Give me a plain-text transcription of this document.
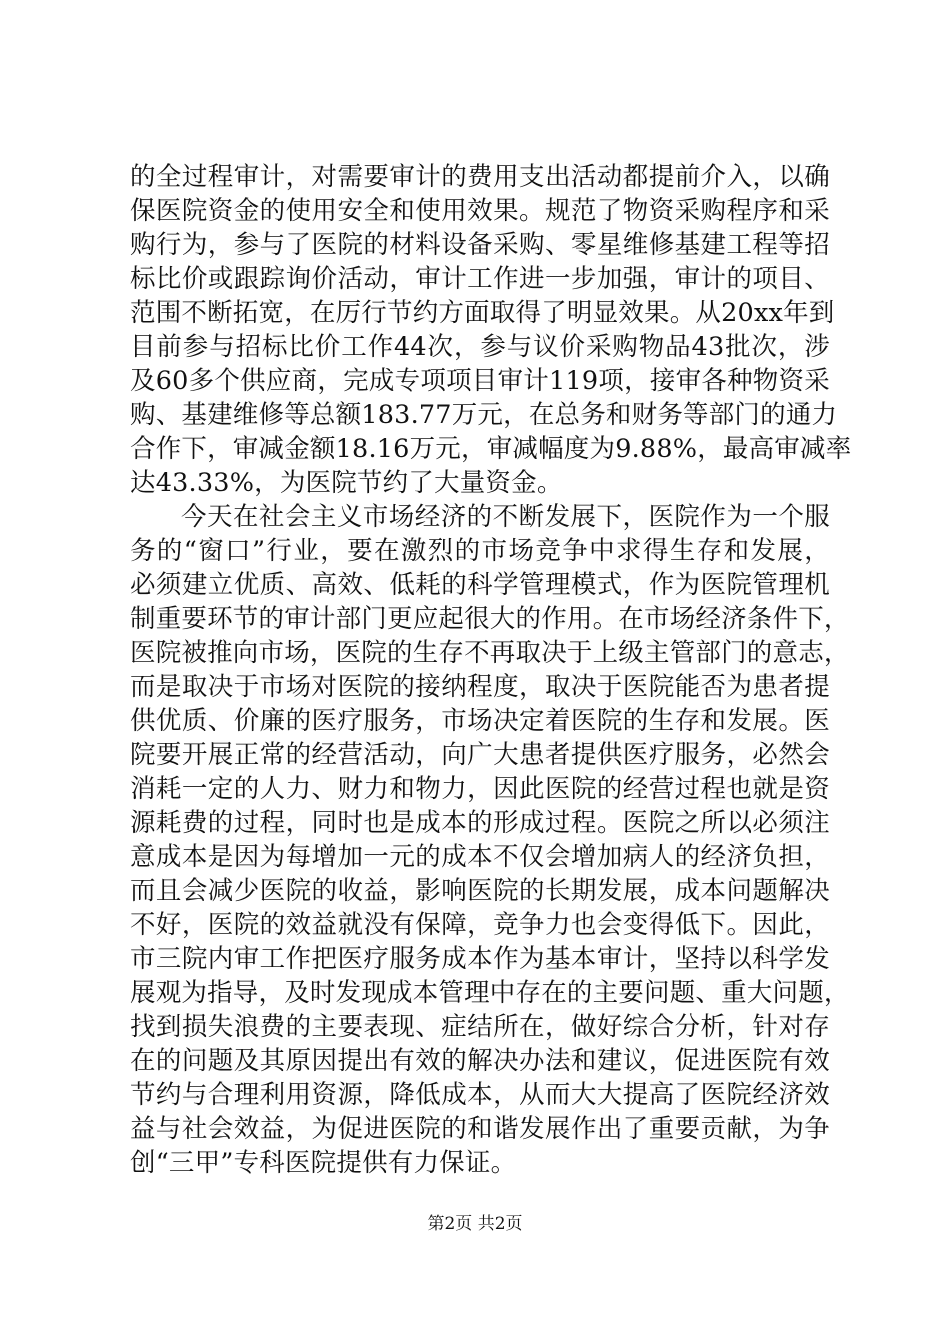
的全过程审计，对需要审计的费用支出活动都提前介入，以确
保医院资金的使用安全和使用效果。规范了物资采购程序和采
购行为，参与了医院的材料设备采购、零星维修基建工程等招
标比价或跟踪询价活动，审计工作进一步加强，审计的项目、
范围不断拓宽，在厉行节约方面取得了明显效果。从20xx年到
目前参与招标比价工作44次，参与议价采购物品43批次，涉
及60多个供应商，完成专项项目审计119项，接审各种物资采
购、基建维修等总额183.77万元，在总务和财务等部门的通力
合作下，审减金额18.16万元，审减幅度为9.88%，最高审减率
达43.33%，为医院节约了大量资金。
今天在社会主义市场经济的不断发展下，医院作为一个服
务的“窗口”行业，要在激烈的市场竞争中求得生存和发展，
必须建立优质、高效、低耗的科学管理模式，作为医院管理机
制重要环节的审计部门更应起很大的作用。在市场经济条件下，
医院被推向市场，医院的生存不再取决于上级主管部门的意志，
而是取决于市场对医院的接纳程度，取决于医院能否为患者提
供优质、价廉的医疗服务，市场决定着医院的生存和发展。医
院要开展正常的经营活动，向广大患者提供医疗服务，必然会
消耗一定的人力、财力和物力，因此医院的经营过程也就是资
源耗费的过程，同时也是成本的形成过程。医院之所以必须注
意成本是因为每增加一元的成本不仅会增加病人的经济负担，
而且会减少医院的收益，影响医院的长期发展，成本问题解决
不好，医院的效益就没有保障，竞争力也会变得低下。因此，
市三院内审工作把医疗服务成本作为基本审计，坚持以科学发
展观为指导，及时发现成本管理中存在的主要问题、重大问题，
找到损失浪费的主要表现、症结所在，做好综合分析，针对存
在的问题及其原因提出有效的解决办法和建议，促进医院有效
节约与合理利用资源，降低成本，从而大大提高了医院经济效
益与社会效益，为促进医院的和谐发展作出了重要贡献，为争
创“三甲”专科医院提供有力保证。
第2页 共2页
